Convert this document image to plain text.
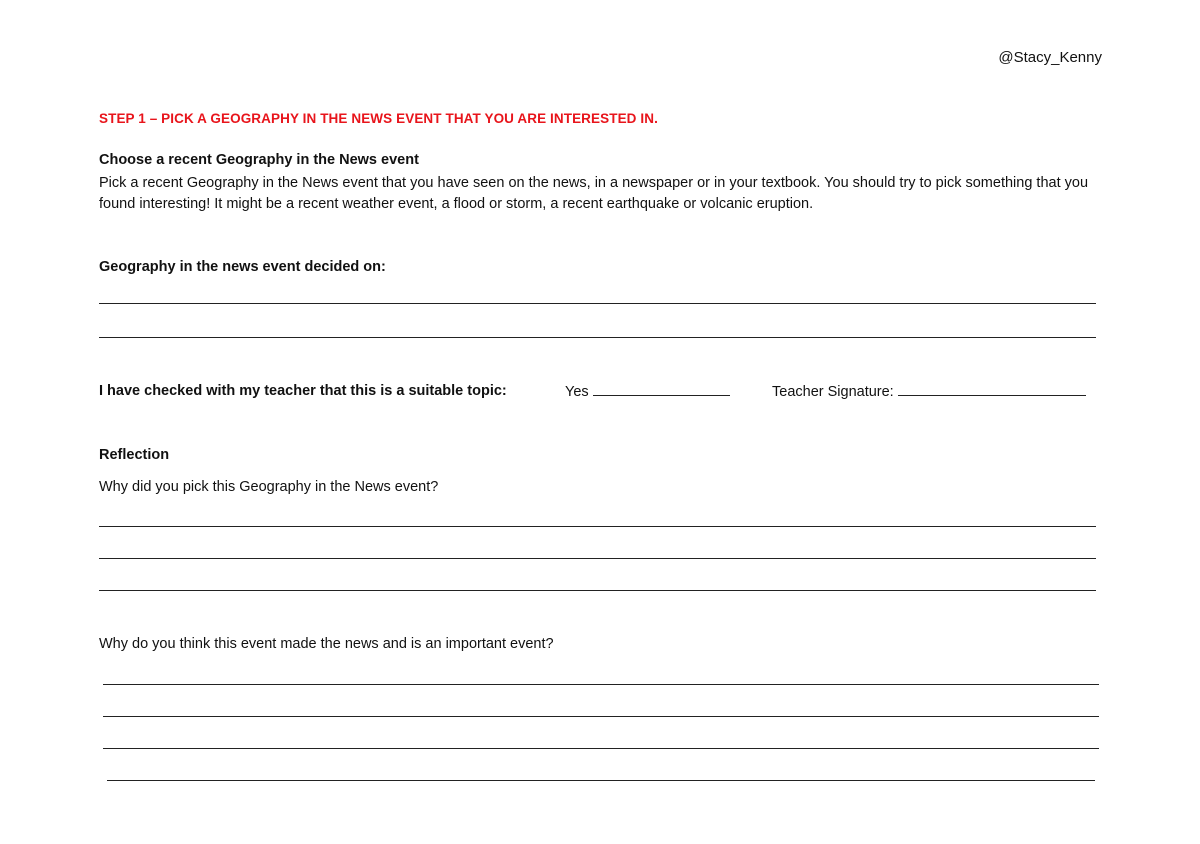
@Stacy_Kenny
STEP 1 – PICK A GEOGRAPHY IN THE NEWS EVENT THAT YOU ARE INTERESTED IN.
Choose a recent Geography in the News event
Pick a recent Geography in the News event that you have seen on the news, in a newspaper or in your textbook. You should try to pick something that you found interesting! It might be a recent weather event, a flood or storm, a recent earthquake or volcanic eruption.
Geography in the news event decided on:
I have checked with my teacher that this is a suitable topic:	Yes	Teacher Signature:
Reflection
Why did you pick this Geography in the News event?
Why do you think this event made the news and is an important event?
